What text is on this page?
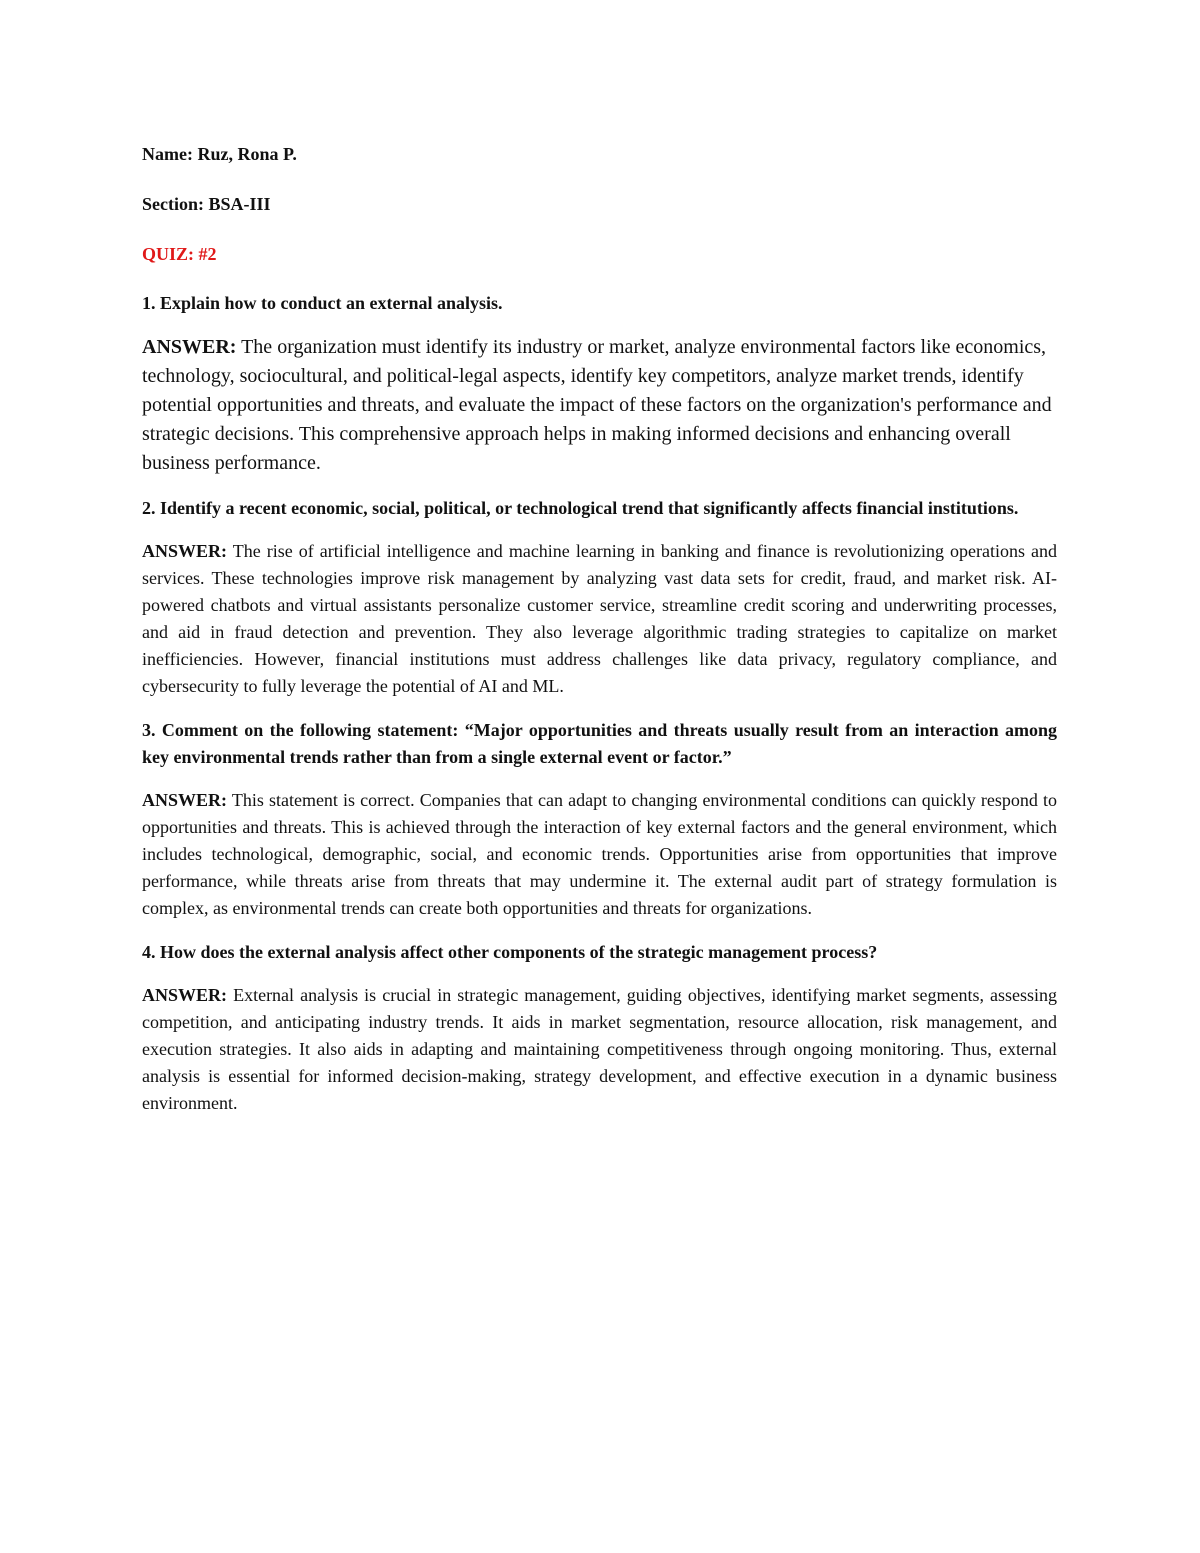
Name: Ruz, Rona P.

Section: BSA-III

QUIZ: #2

1. Explain how to conduct an external analysis.

ANSWER: The organization must identify its industry or market, analyze environmental factors like economics, technology, sociocultural, and political-legal aspects, identify key competitors, analyze market trends, identify potential opportunities and threats, and evaluate the impact of these factors on the organization's performance and strategic decisions. This comprehensive approach helps in making informed decisions and enhancing overall business performance.

2. Identify a recent economic, social, political, or technological trend that significantly affects financial institutions.

ANSWER: The rise of artificial intelligence and machine learning in banking and finance is revolutionizing operations and services. These technologies improve risk management by analyzing vast data sets for credit, fraud, and market risk. AI-powered chatbots and virtual assistants personalize customer service, streamline credit scoring and underwriting processes, and aid in fraud detection and prevention. They also leverage algorithmic trading strategies to capitalize on market inefficiencies. However, financial institutions must address challenges like data privacy, regulatory compliance, and cybersecurity to fully leverage the potential of AI and ML.

3. Comment on the following statement: “Major opportunities and threats usually result from an interaction among key environmental trends rather than from a single external event or factor.”

ANSWER: This statement is correct. Companies that can adapt to changing environmental conditions can quickly respond to opportunities and threats. This is achieved through the interaction of key external factors and the general environment, which includes technological, demographic, social, and economic trends. Opportunities arise from opportunities that improve performance, while threats arise from threats that may undermine it. The external audit part of strategy formulation is complex, as environmental trends can create both opportunities and threats for organizations.

4. How does the external analysis affect other components of the strategic management process?

ANSWER: External analysis is crucial in strategic management, guiding objectives, identifying market segments, assessing competition, and anticipating industry trends. It aids in market segmentation, resource allocation, risk management, and execution strategies. It also aids in adapting and maintaining competitiveness through ongoing monitoring. Thus, external analysis is essential for informed decision-making, strategy development, and effective execution in a dynamic business environment.
